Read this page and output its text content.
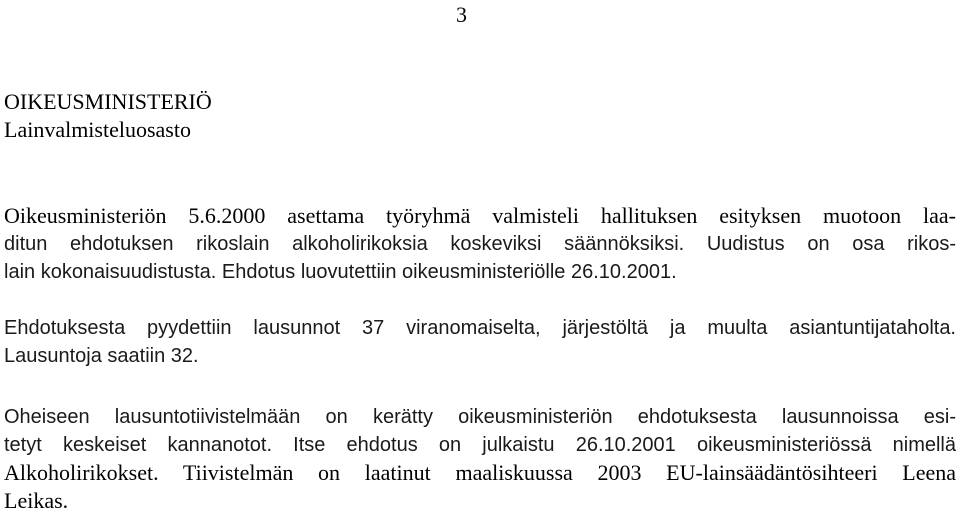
3
OIKEUSMINISTERIÖ
Lainvalmisteluosasto
Oikeusministeriön 5.6.2000 asettama työryhmä valmisteli hallituksen esityksen muotoon laa-
ditun ehdotuksen rikoslain alkoholirikoksia koskeviksi säännöksiksi. Uudistus on osa rikos-
lain kokonaisuudistusta. Ehdotus luovutettiin oikeusministeriölle 26.10.2001.
Ehdotuksesta pyydettiin lausunnot 37 viranomaiselta, järjestöltä ja muulta asiantuntijataholta.
Lausuntoja saatiin 32.
Oheiseen lausuntotiivistelmään on kerätty oikeusministeriön ehdotuksesta lausunnoissa esi-
tetyt keskeiset kannanotot. Itse ehdotus on julkaistu 26.10.2001 oikeusministeriössä nimellä
Alkoholirikokset. Tiivistelmän on laatinut maaliskuussa 2003 EU-lainsäädäntösihteeri Leena
Leikas.
